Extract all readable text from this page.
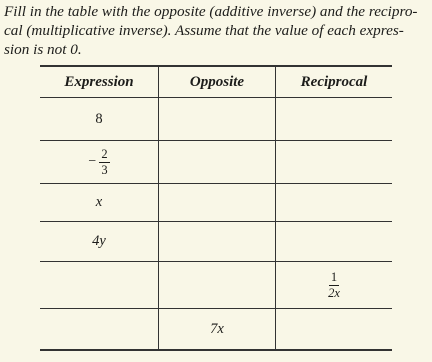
Fill in the table with the opposite (additive inverse) and the recipro-
cal (multiplicative inverse). Assume that the value of each expres-
sion is not 0.

Expression	Opposite	Reciprocal
8
− $\frac{2}{3}$
x
4y
$\frac{1}{2x}$
7x
